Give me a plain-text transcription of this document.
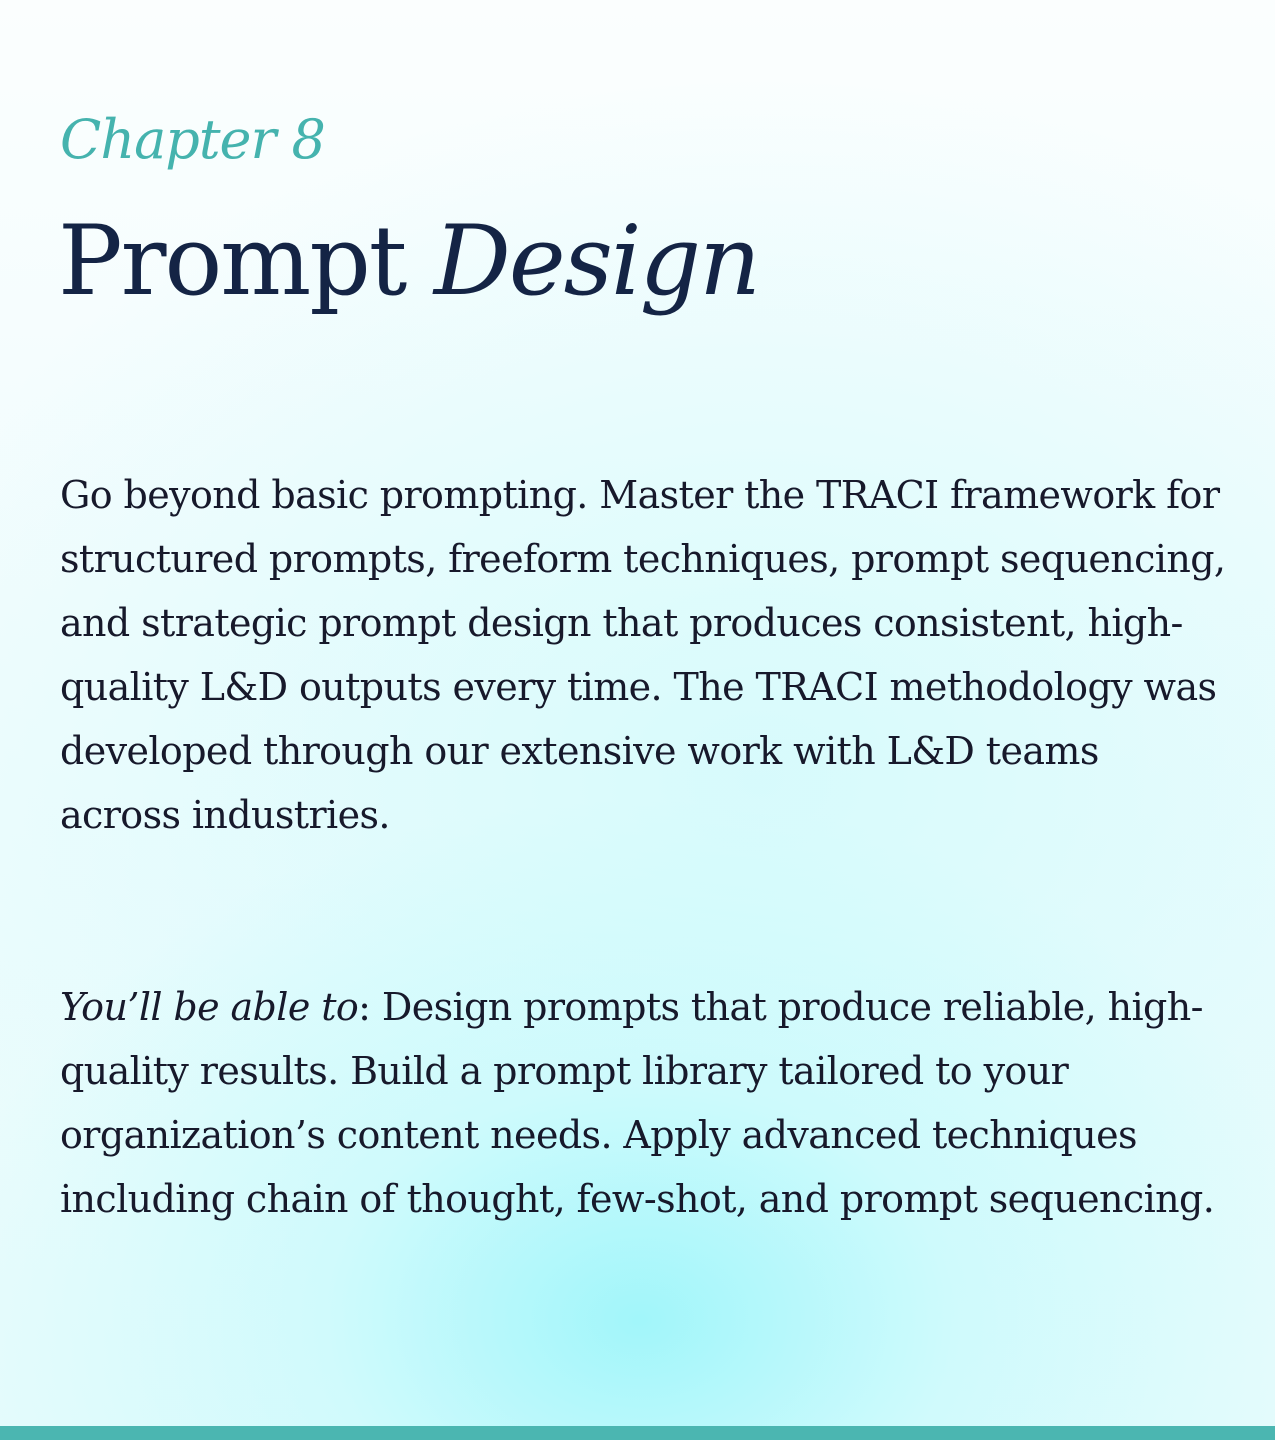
Chapter 8

Prompt Design

Go beyond basic prompting. Master the TRACI framework for structured prompts, freeform techniques, prompt sequencing, and strategic prompt design that produces consistent, high-quality L&D outputs every time. The TRACI methodology was developed through our extensive work with L&D teams across industries.

You’ll be able to: Design prompts that produce reliable, high-quality results. Build a prompt library tailored to your organization’s content needs. Apply advanced techniques including chain of thought, few-shot, and prompt sequencing.
